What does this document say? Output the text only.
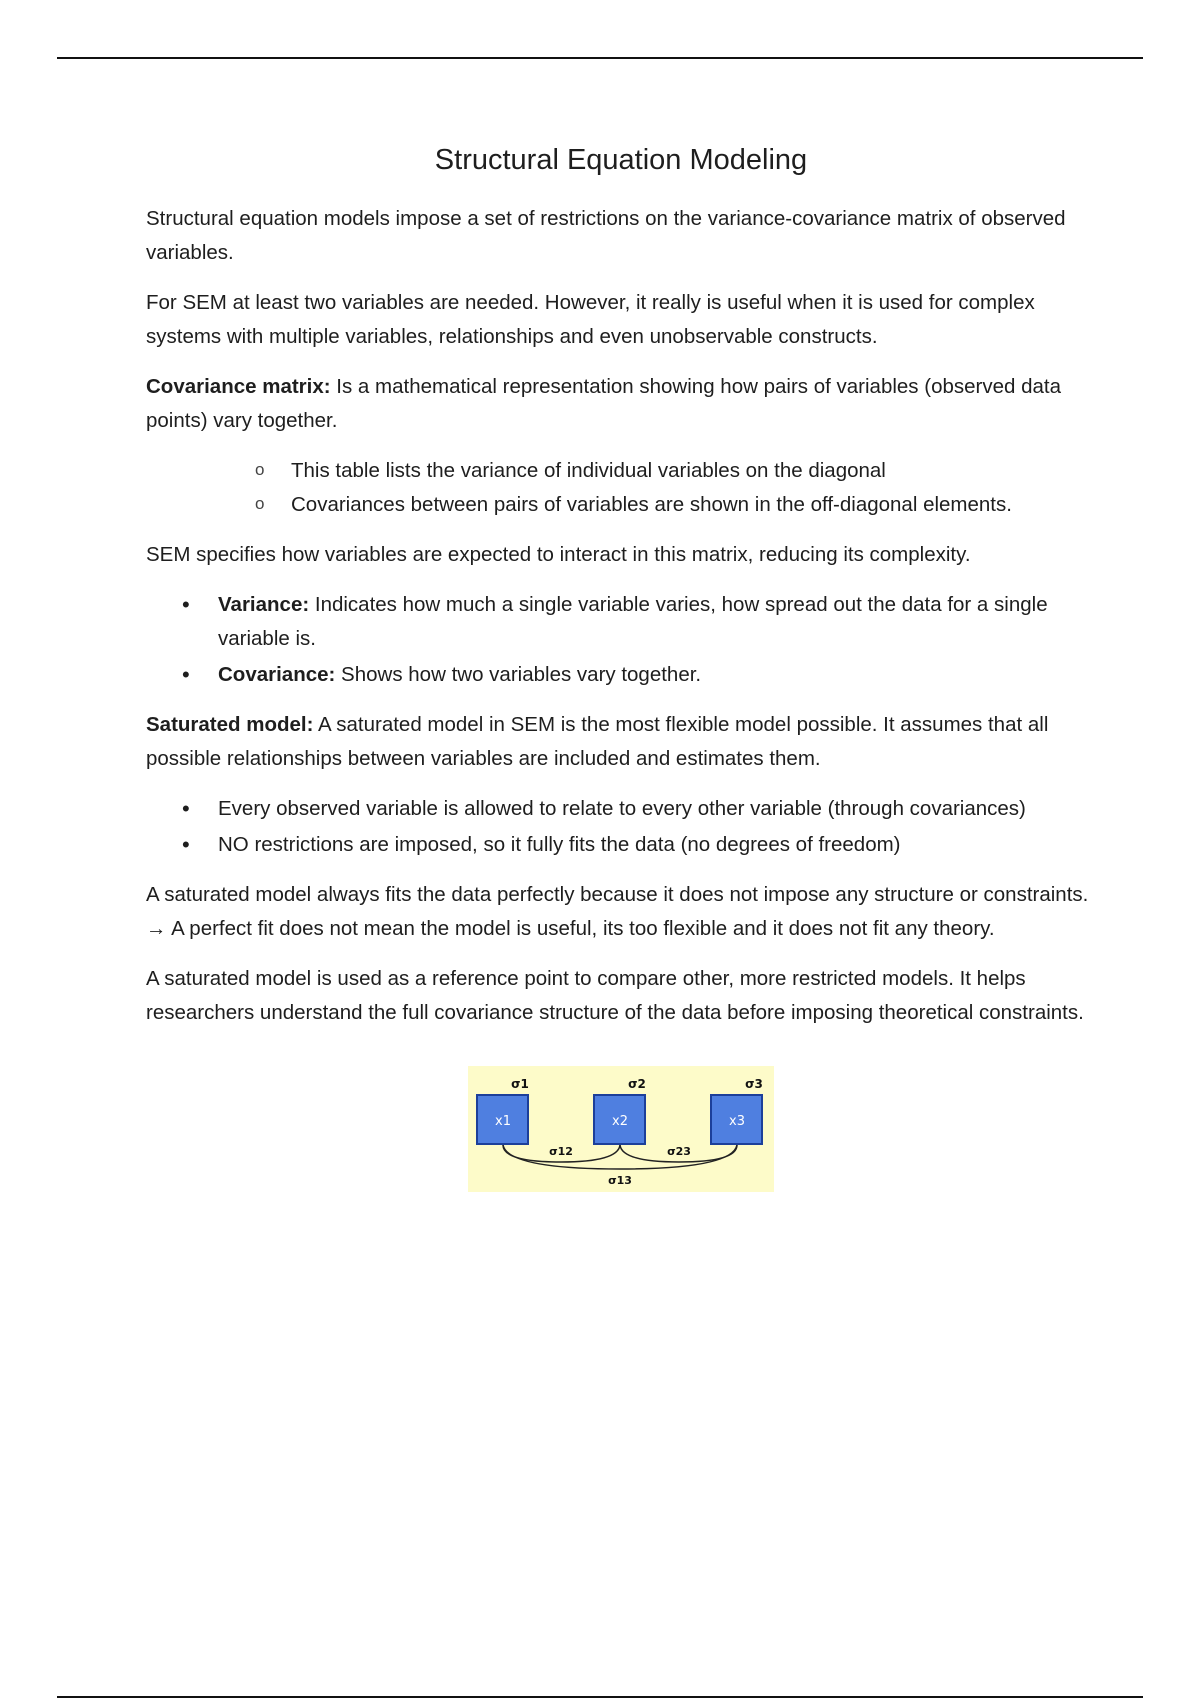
Structural Equation Modeling

Structural equation models impose a set of restrictions on the variance-covariance matrix of observed variables.

For SEM at least two variables are needed. However, it really is useful when it is used for complex systems with multiple variables, relationships and even unobservable constructs.

Covariance matrix: Is a mathematical representation showing how pairs of variables (observed data points) vary together.

o This table lists the variance of individual variables on the diagonal
o Covariances between pairs of variables are shown in the off-diagonal elements.

SEM specifies how variables are expected to interact in this matrix, reducing its complexity.

• Variance: Indicates how much a single variable varies, how spread out the data for a single variable is.
• Covariance: Shows how two variables vary together.

Saturated model: A saturated model in SEM is the most flexible model possible. It assumes that all possible relationships between variables are included and estimates them.

• Every observed variable is allowed to relate to every other variable (through covariances)
• NO restrictions are imposed, so it fully fits the data (no degrees of freedom)

A saturated model always fits the data perfectly because it does not impose any structure or constraints. → A perfect fit does not mean the model is useful, its too flexible and it does not fit any theory.

A saturated model is used as a reference point to compare other, more restricted models. It helps researchers understand the full covariance structure of the data before imposing theoretical constraints.

x1	x2	x3
σ1	σ2	σ3
σ12	σ23
σ13
